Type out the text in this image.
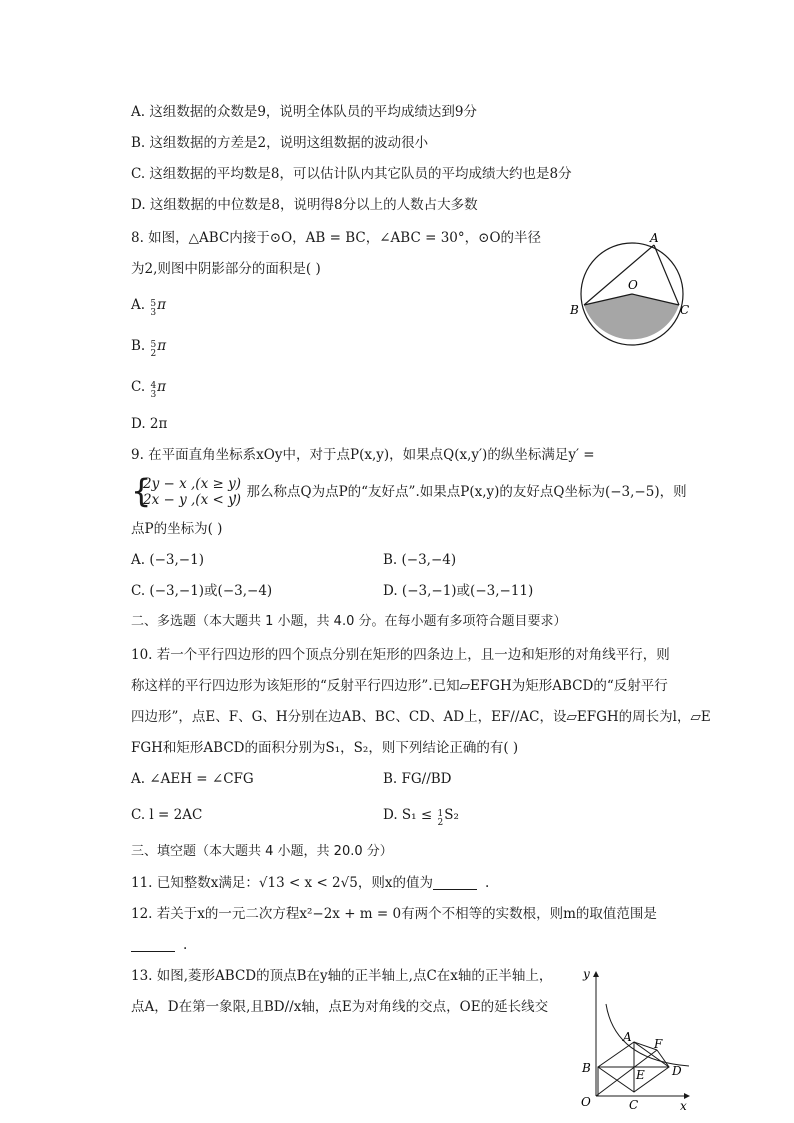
A. 这组数据的众数是9，说明全体队员的平均成绩达到9分
B. 这组数据的方差是2，说明这组数据的波动很小
C. 这组数据的平均数是8，可以估计队内其它队员的平均成绩大约也是8分
D. 这组数据的中位数是8，说明得8分以上的人数占大多数
8. 如图，△ABC内接于⊙O，AB = BC，∠ABC = 30°，⊙O的半径
为2,则图中阴影部分的面积是( )
A. 5
3 π
B. 5
2 π
C. 4
3 π
D. 2π
A
B	C
O
9. 在平面直角坐标系xOy中，对于点P(x,y)，如果点Q(x,y′)的纵坐标满足y′ =
{
2y − x ,(x ≥ y)
2x − y ,(x < y)
，那么称点Q为点P的“友好点”.如果点P(x,y)的友好点Q坐标为(−3,−5)，则
点P的坐标为( )
A. (−3,−1)	B. (−3,−4)
C. (−3,−1)或(−3,−4)	D. (−3,−1)或(−3,−11)
二、多选题（本大题共 1 小题，共 4.0 分。在每小题有多项符合题目要求）
10. 若一个平行四边形的四个顶点分别在矩形的四条边上，且一边和矩形的对角线平行，则
称这样的平行四边形为该矩形的“反射平行四边形”.已知▱EFGH为矩形ABCD的“反射平行
四边形”，点E、F、G、H分别在边AB、BC、CD、AD上，EF//AC，设▱EFGH的周长为l，▱E
FGH和矩形ABCD的面积分别为S₁，S₂，则下列结论正确的有( )
A. ∠AEH = ∠CFG	B. FG//BD
C. l = 2AC	D. S₁ ≤ 1
2 S₂
三、填空题（本大题共 4 小题，共 20.0 分）
11. 已知整数x满足：√13 < x < 2√5，则x的值为	.
12. 若关于x的一元二次方程x²−2x + m = 0有两个不相等的实数根，则m的取值范围是
.
13. 如图,菱形ABCD的顶点B在y轴的正半轴上,点C在x轴的正半轴上，
点A，D在第一象限,且BD//x轴，点E为对角线的交点，OE的延长线交
y
x
O
A
B
C
D
E
F
